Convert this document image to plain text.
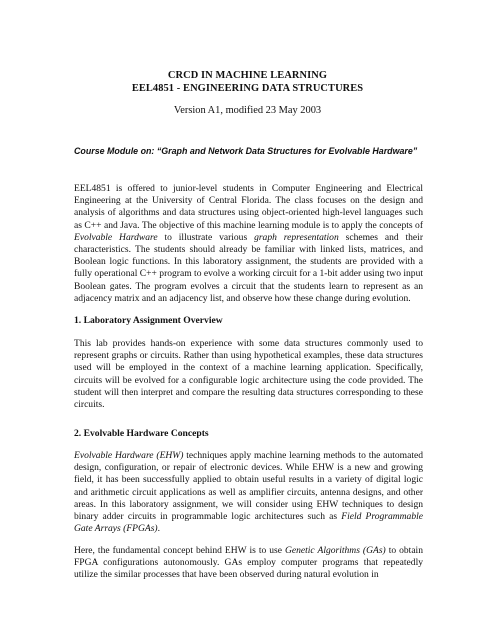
CRCD IN MACHINE LEARNING
EEL4851 - ENGINEERING DATA STRUCTURES
Version A1, modified 23 May 2003
Course Module on: “Graph and Network Data Structures for Evolvable Hardware”

EEL4851 is offered to junior-level students in Computer Engineering and Electrical Engineering at the University of Central Florida. The class focuses on the design and analysis of algorithms and data structures using object-oriented high-level languages such as C++ and Java. The objective of this machine learning module is to apply the concepts of Evolvable Hardware to illustrate various graph representation schemes and their characteristics. The students should already be familiar with linked lists, matrices, and Boolean logic functions. In this laboratory assignment, the students are provided with a fully operational C++ program to evolve a working circuit for a 1-bit adder using two input Boolean gates. The program evolves a circuit that the students learn to represent as an adjacency matrix and an adjacency list, and observe how these change during evolution.

1. Laboratory Assignment Overview

This lab provides hands-on experience with some data structures commonly used to represent graphs or circuits. Rather than using hypothetical examples, these data structures used will be employed in the context of a machine learning application. Specifically, circuits will be evolved for a configurable logic architecture using the code provided. The student will then interpret and compare the resulting data structures corresponding to these circuits.

2. Evolvable Hardware Concepts

Evolvable Hardware (EHW) techniques apply machine learning methods to the automated design, configuration, or repair of electronic devices. While EHW is a new and growing field, it has been successfully applied to obtain useful results in a variety of digital logic and arithmetic circuit applications as well as amplifier circuits, antenna designs, and other areas. In this laboratory assignment, we will consider using EHW techniques to design binary adder circuits in programmable logic architectures such as Field Programmable Gate Arrays (FPGAs).

Here, the fundamental concept behind EHW is to use Genetic Algorithms (GAs) to obtain FPGA configurations autonomously. GAs employ computer programs that repeatedly utilize the similar processes that have been observed during natural evolution in
